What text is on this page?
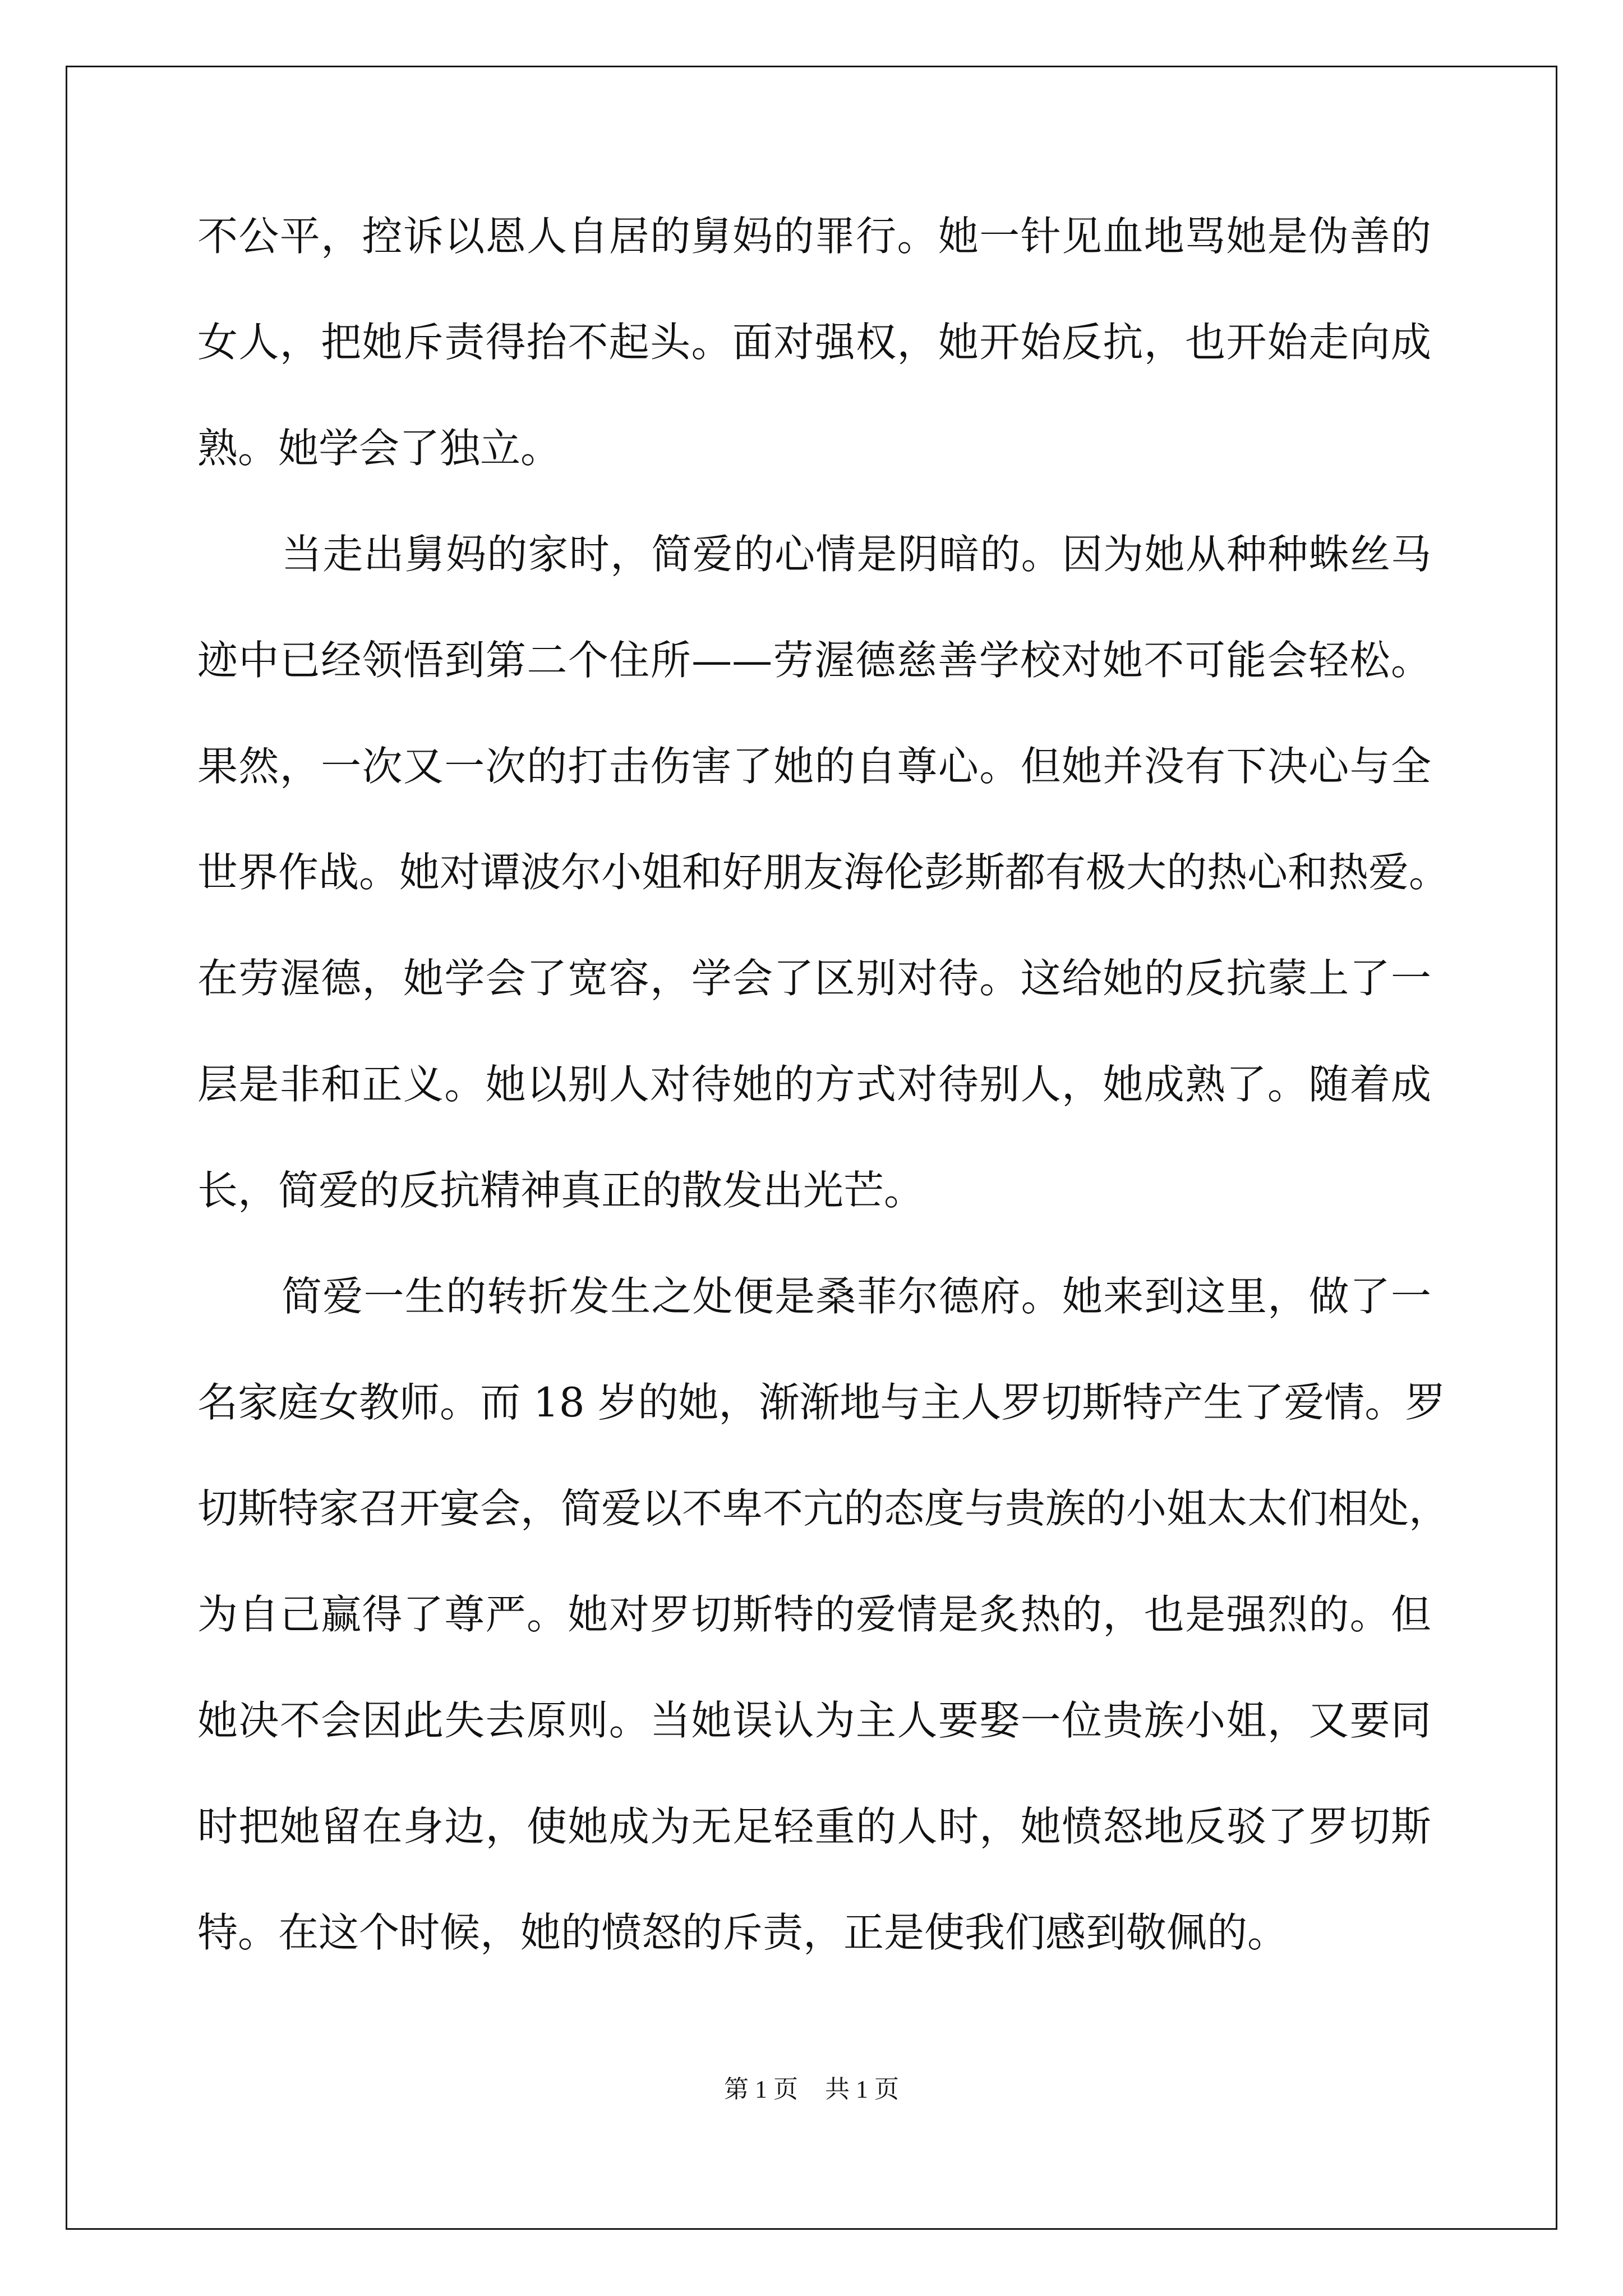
不公平，控诉以恩人自居的舅妈的罪行。她一针见血地骂她是伪善的
女人，把她斥责得抬不起头。面对强权，她开始反抗，也开始走向成
熟。她学会了独立。
当走出舅妈的家时，简爱的心情是阴暗的。因为她从种种蛛丝马
迹中已经领悟到第二个住所——劳渥德慈善学校对她不可能会轻松。
果然，一次又一次的打击伤害了她的自尊心。但她并没有下决心与全
世界作战。她对谭波尔小姐和好朋友海伦彭斯都有极大的热心和热爱。
在劳渥德，她学会了宽容，学会了区别对待。这给她的反抗蒙上了一
层是非和正义。她以别人对待她的方式对待别人，她成熟了。随着成
长，简爱的反抗精神真正的散发出光芒。
简爱一生的转折发生之处便是桑菲尔德府。她来到这里，做了一
名家庭女教师。而 18 岁的她，渐渐地与主人罗切斯特产生了爱情。罗
切斯特家召开宴会，简爱以不卑不亢的态度与贵族的小姐太太们相处，
为自己赢得了尊严。她对罗切斯特的爱情是炙热的，也是强烈的。但
她决不会因此失去原则。当她误认为主人要娶一位贵族小姐，又要同
时把她留在身边，使她成为无足轻重的人时，她愤怒地反驳了罗切斯
特。在这个时候，她的愤怒的斥责，正是使我们感到敬佩的。
第 1 页 共 1 页
